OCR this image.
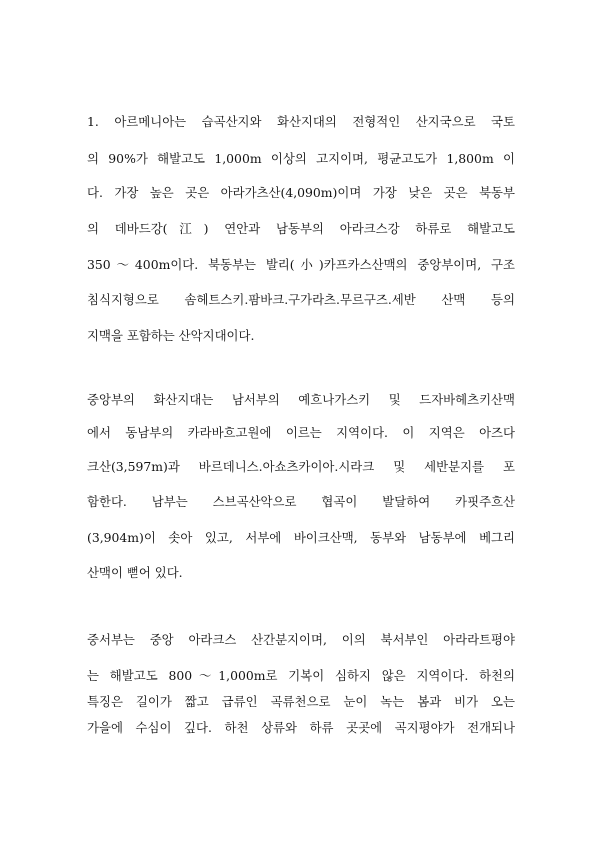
1. 아르메니아는 습곡산지와 화산지대의 전형적인 산지국으로 국토
의 90%가 해발고도 1,000m 이상의 고지이며, 평균고도가 1,800m 이
다. 가장 높은 곳은 아라가츠산(4,090m)이며 가장 낮은 곳은 북동부
의 데바드강(江) 연안과 남동부의 아라크스강 하류로 해발고도
350～400m이다. 북동부는 발리(小)카프카스산맥의 중앙부이며, 구조
침식지형으로 솜헤트스키.팜바크.구가라츠.무르구즈.세반 산맥 등의
지맥을 포함하는 산악지대이다.
중앙부의 화산지대는 남서부의 예흐나가스키 및 드자바헤츠키산맥
에서 동남부의 카라바흐고원에 이르는 지역이다. 이 지역은 아즈다
크산(3,597m)과 바르데니스.아쇼츠카이아.시라크 및 세반분지를 포
함한다. 남부는 스브곡산악으로 협곡이 발달하여 카핏주흐산
(3,904m)이 솟아 있고, 서부에 바이크산맥, 동부와 남동부에 베그리
산맥이 뻗어 있다.
중서부는 중앙 아라크스 산간분지이며, 이의 북서부인 아라라트평야
는 해발고도 800～1,000m로 기복이 심하지 않은 지역이다. 하천의
특징은 길이가 짧고 급류인 곡류천으로 눈이 녹는 봄과 비가 오는
가을에 수심이 깊다. 하천 상류와 하류 곳곳에 곡지평야가 전개되나
